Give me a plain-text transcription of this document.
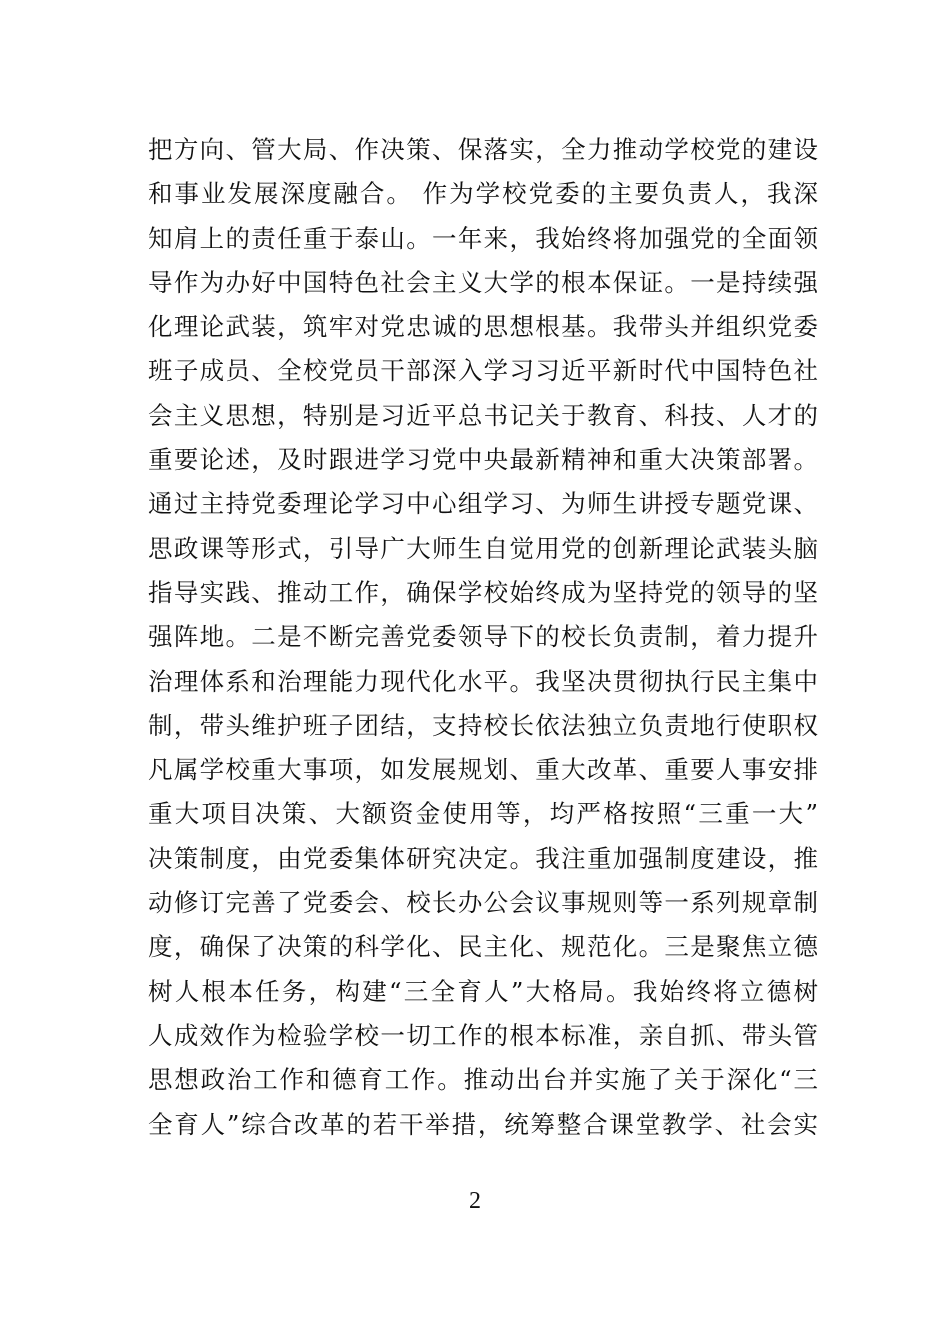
把方向、管大局、作决策、保落实，全力推动学校党的建设
和事业发展深度融合。 作为学校党委的主要负责人，我深
知肩上的责任重于泰山。一年来，我始终将加强党的全面领
导作为办好中国特色社会主义大学的根本保证。一是持续强
化理论武装，筑牢对党忠诚的思想根基。我带头并组织党委
班子成员、全校党员干部深入学习习近平新时代中国特色社
会主义思想，特别是习近平总书记关于教育、科技、人才的
重要论述，及时跟进学习党中央最新精神和重大决策部署。
通过主持党委理论学习中心组学习、为师生讲授专题党课、
思政课等形式，引导广大师生自觉用党的创新理论武装头脑
指导实践、推动工作，确保学校始终成为坚持党的领导的坚
强阵地。二是不断完善党委领导下的校长负责制，着力提升
治理体系和治理能力现代化水平。我坚决贯彻执行民主集中
制，带头维护班子团结，支持校长依法独立负责地行使职权
凡属学校重大事项，如发展规划、重大改革、重要人事安排
重大项目决策、大额资金使用等，均严格按照“三重一大”
决策制度，由党委集体研究决定。我注重加强制度建设，推
动修订完善了党委会、校长办公会议事规则等一系列规章制
度，确保了决策的科学化、民主化、规范化。三是聚焦立德
树人根本任务，构建“三全育人”大格局。我始终将立德树
人成效作为检验学校一切工作的根本标准，亲自抓、带头管
思想政治工作和德育工作。推动出台并实施了关于深化“三
全育人”综合改革的若干举措，统筹整合课堂教学、社会实
2
